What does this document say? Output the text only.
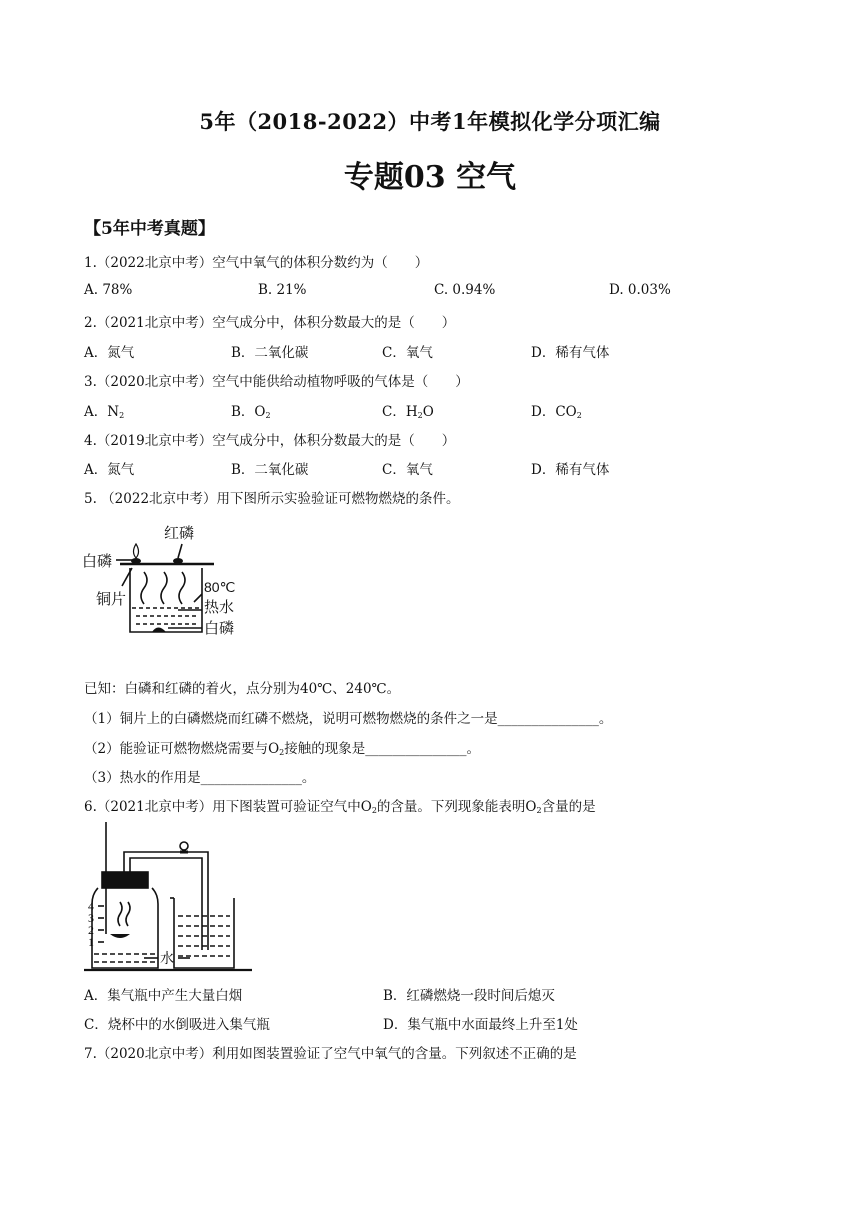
5年（2018-2022）中考1年模拟化学分项汇编
专题03 空气
【5年中考真题】
1.（2022北京中考）空气中氧气的体积分数约为（　　）
A. 78%	B. 21%	C. 0.94%	D. 0.03%
2.（2021北京中考）空气成分中，体积分数最大的是（　　）
A．氮气	B．二氧化碳	C．氧气	D．稀有气体
3.（2020北京中考）空气中能供给动植物呼吸的气体是（　　）
A．$N_2$	B．$O_2$	C．$H_2O$	D．$CO_2$
4.（2019北京中考）空气成分中，体积分数最大的是（　　）
A．氮气	B．二氧化碳	C．氧气	D．稀有气体
5. （2022北京中考）用下图所示实验验证可燃物燃烧的条件。
红磷
白磷
铜片
80℃
热水
白磷
已知：白磷和红磷的着火，点分别为40℃、240℃。
（1）铜片上的白磷燃烧而红磷不燃烧，说明可燃物燃烧的条件之一是_______________。
（2）能验证可燃物燃烧需要与$O_2$接触的现象是_______________。
（3）热水的作用是_______________。
6.（2021北京中考）用下图装置可验证空气中$O_2$的含量。下列现象能表明$O_2$含量的是
4
3
2
1
水
A．集气瓶中产生大量白烟	B．红磷燃烧一段时间后熄灭
C．烧杯中的水倒吸进入集气瓶	D．集气瓶中水面最终上升至1处
7.（2020北京中考）利用如图装置验证了空气中氧气的含量。下列叙述不正确的是
